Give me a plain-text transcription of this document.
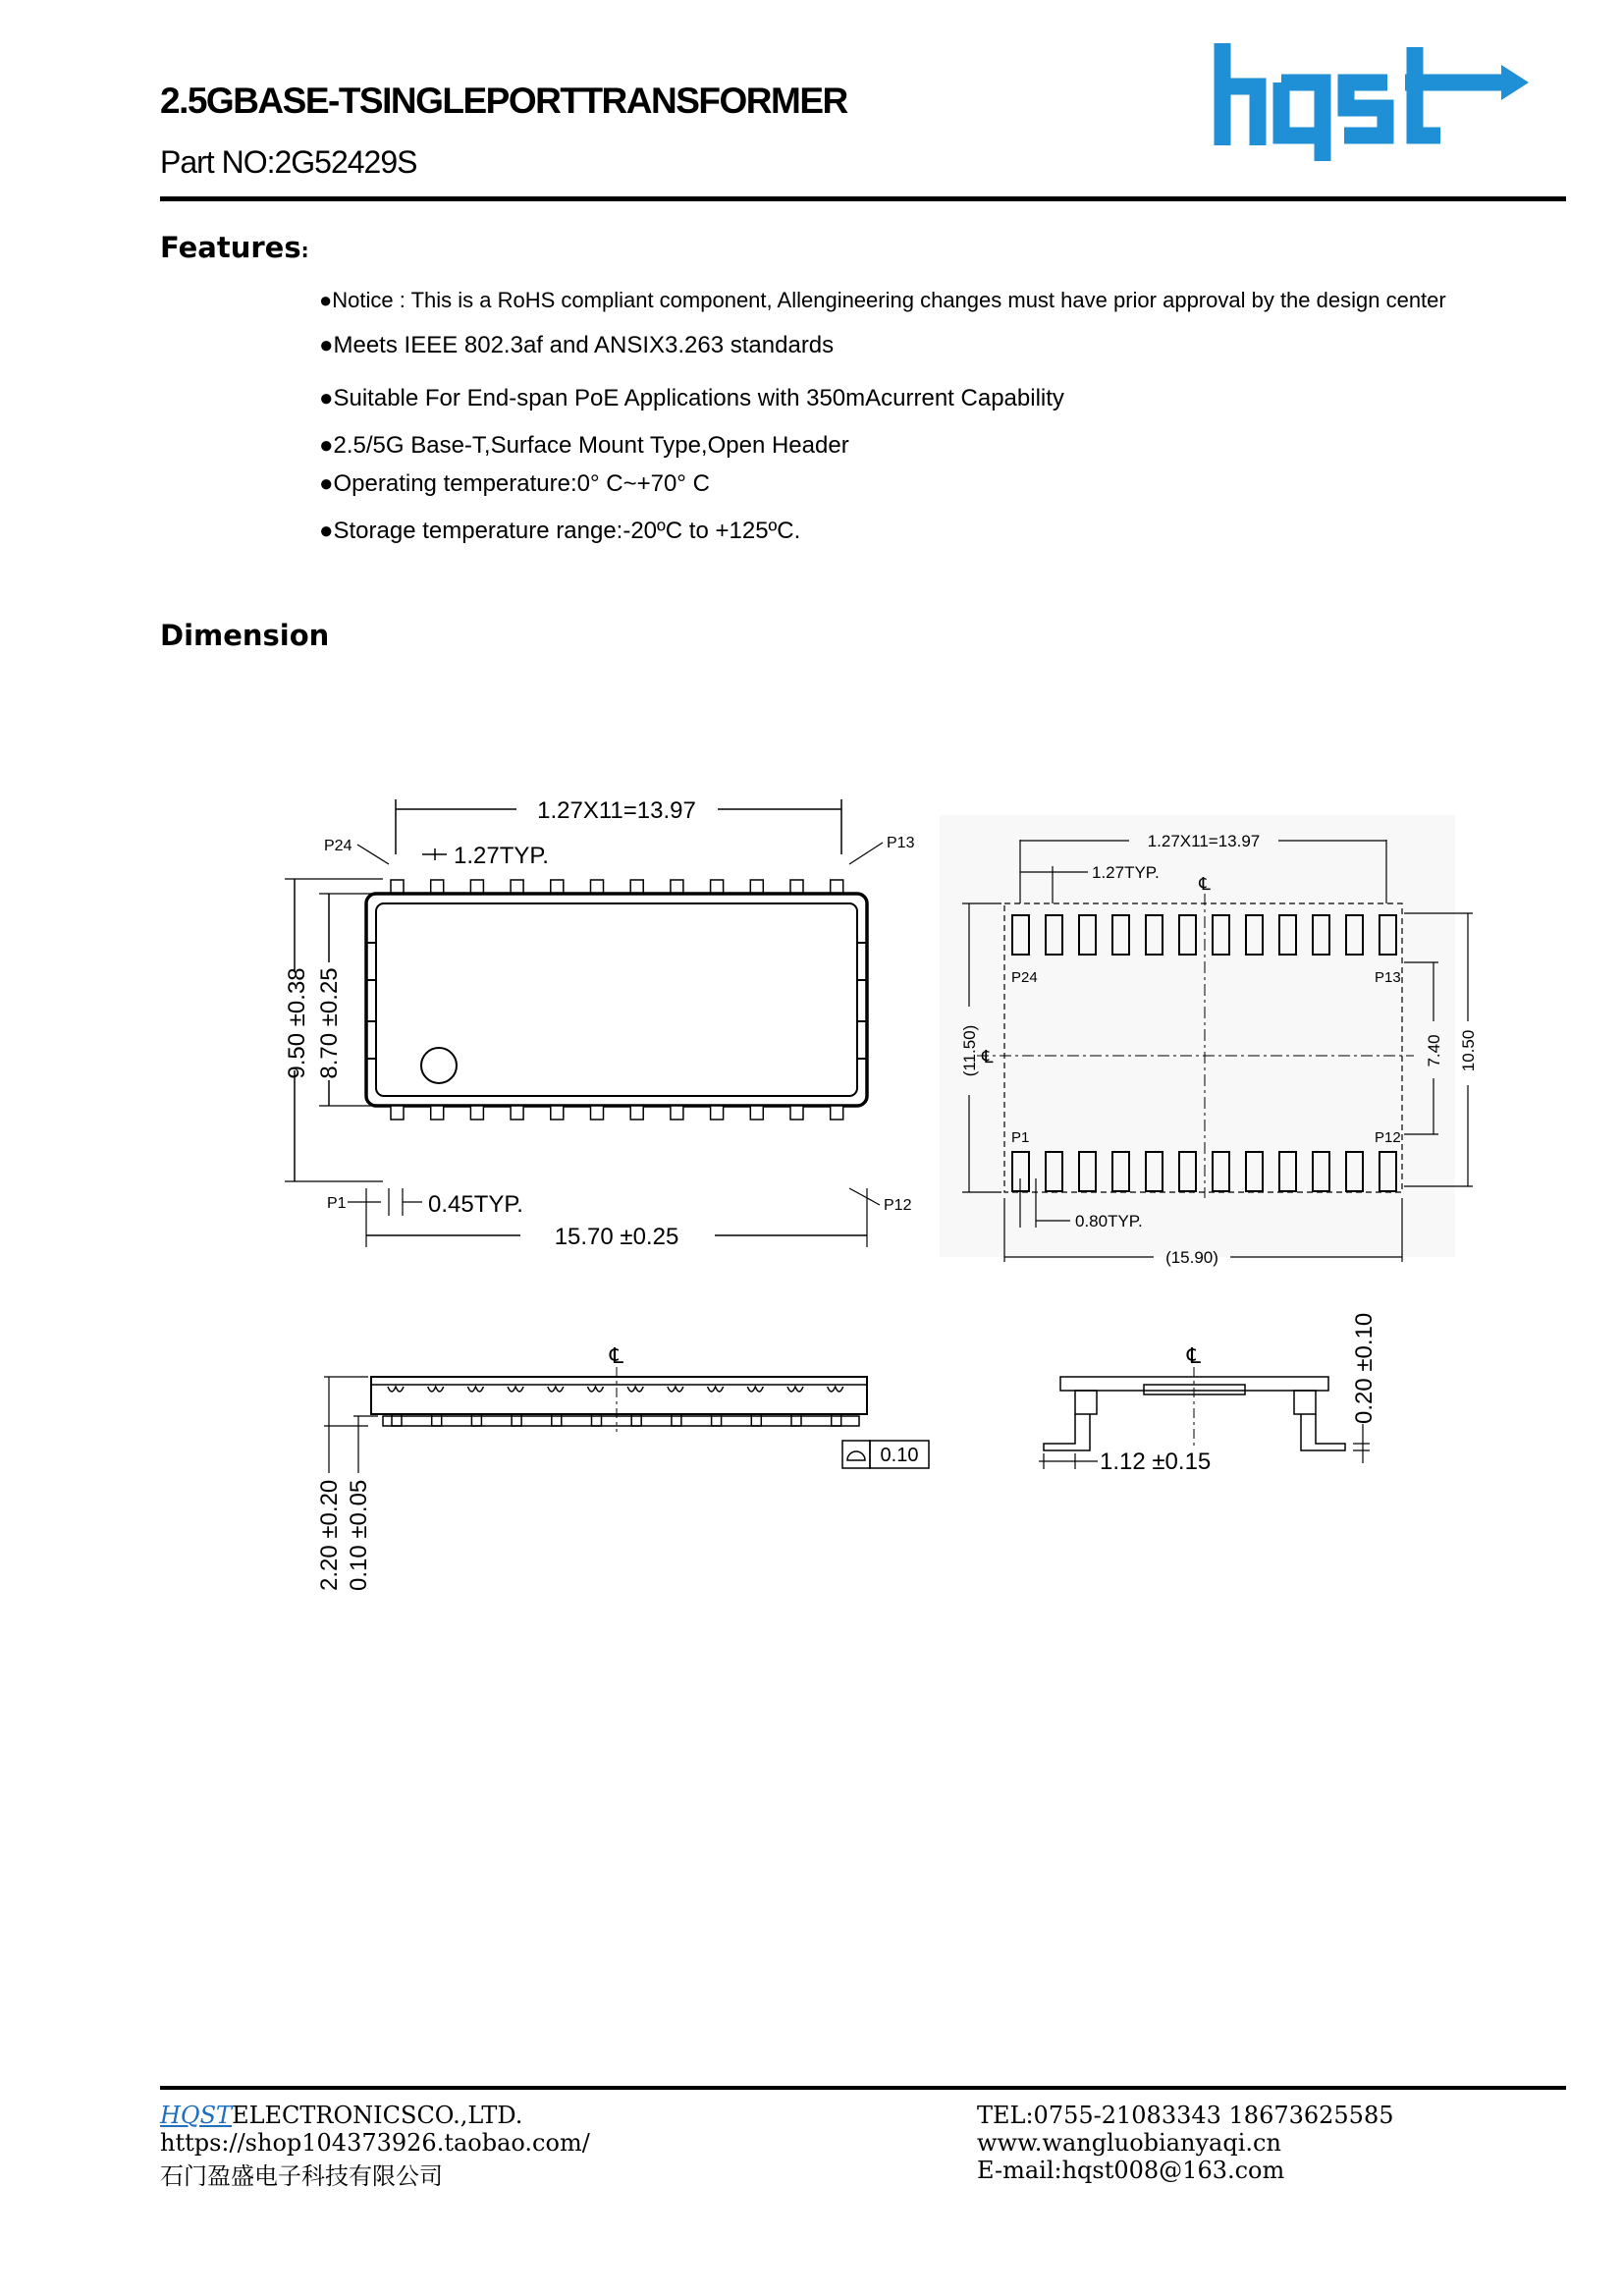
2.5GBASE-TSINGLEPORTTRANSFORMER
Part NO:2G52429S
hqst
Features:
●Notice : This is a RoHS compliant component, Allengineering changes must have prior approval by the design center
●Meets IEEE 802.3af and ANSIX3.263 standards
●Suitable For End-span PoE Applications with 350mAcurrent Capability
●2.5/5G Base-T,Surface Mount Type,Open Header
●Operating temperature:0° C~+70° C
●Storage temperature range:-20ºC to +125ºC.
Dimension
1.27X11=13.97
1.27TYP.
P24	P13
9.50 ±0.38 8.70 ±0.25
P1	0.45TYP.	P12
15.70 ±0.25
1.27X11=13.97
1.27TYP.
℄
℄
P24	P13
P1	P12
(11.50)	7.40 10.50
0.80TYP.
(15.90)
℄
2.20 ±0.20 0.10 ±0.05
0.10
℄
1.12 ±0.15
0.20 ±0.10
HQSTELECTRONICSCO.,LTD.
https://shop104373926.taobao.com/
石门盈盛电子科技有限公司
TEL:0755-21083343 18673625585
www.wangluobianyaqi.cn
E-mail:hqst008@163.com
